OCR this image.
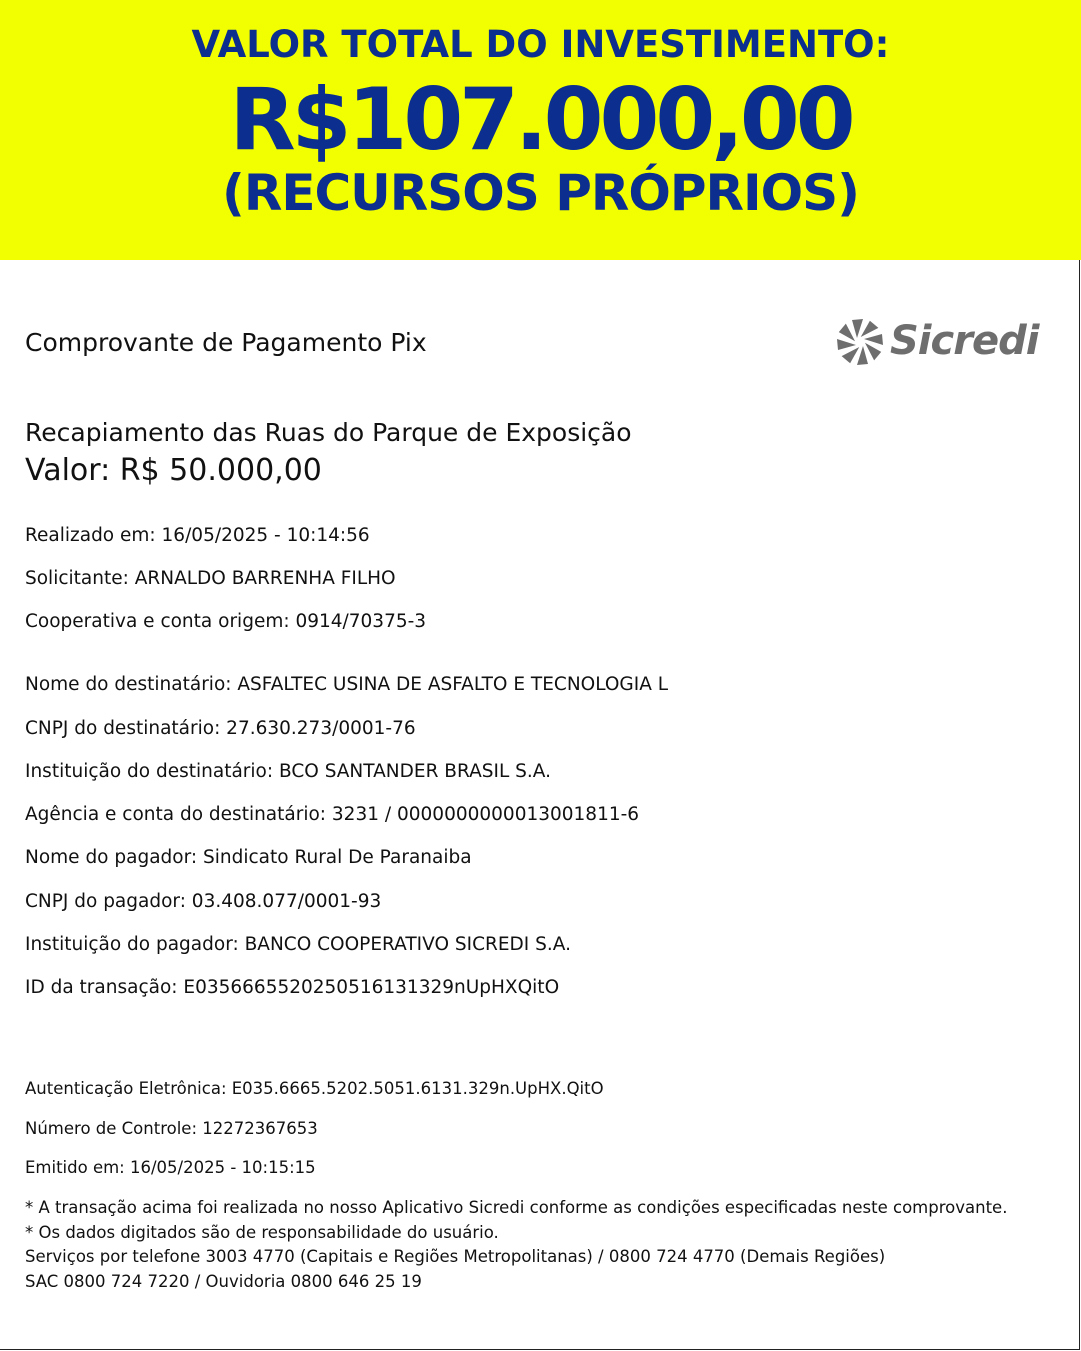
VALOR TOTAL DO INVESTIMENTO:
R$107.000,00
(RECURSOS PRÓPRIOS)
Comprovante de Pagamento Pix	Sicredi
Recapiamento das Ruas do Parque de Exposição
Valor: R$ 50.000,00
Realizado em: 16/05/2025 - 10:14:56
Solicitante: ARNALDO BARRENHA FILHO
Cooperativa e conta origem: 0914/70375-3
Nome do destinatário: ASFALTEC USINA DE ASFALTO E TECNOLOGIA L
CNPJ do destinatário: 27.630.273/0001-76
Instituição do destinatário: BCO SANTANDER BRASIL S.A.
Agência e conta do destinatário: 3231 / 0000000000013001811-6
Nome do pagador: Sindicato Rural De Paranaiba
CNPJ do pagador: 03.408.077/0001-93
Instituição do pagador: BANCO COOPERATIVO SICREDI S.A.
ID da transação: E0356665520250516131329nUpHXQitO
Autenticação Eletrônica: E035.6665.5202.5051.6131.329n.UpHX.QitO
Número de Controle: 12272367653
Emitido em: 16/05/2025 - 10:15:15
* A transação acima foi realizada no nosso Aplicativo Sicredi conforme as condições especificadas neste comprovante.
* Os dados digitados são de responsabilidade do usuário.
Serviços por telefone 3003 4770 (Capitais e Regiões Metropolitanas) / 0800 724 4770 (Demais Regiões)
SAC 0800 724 7220 / Ouvidoria 0800 646 25 19
